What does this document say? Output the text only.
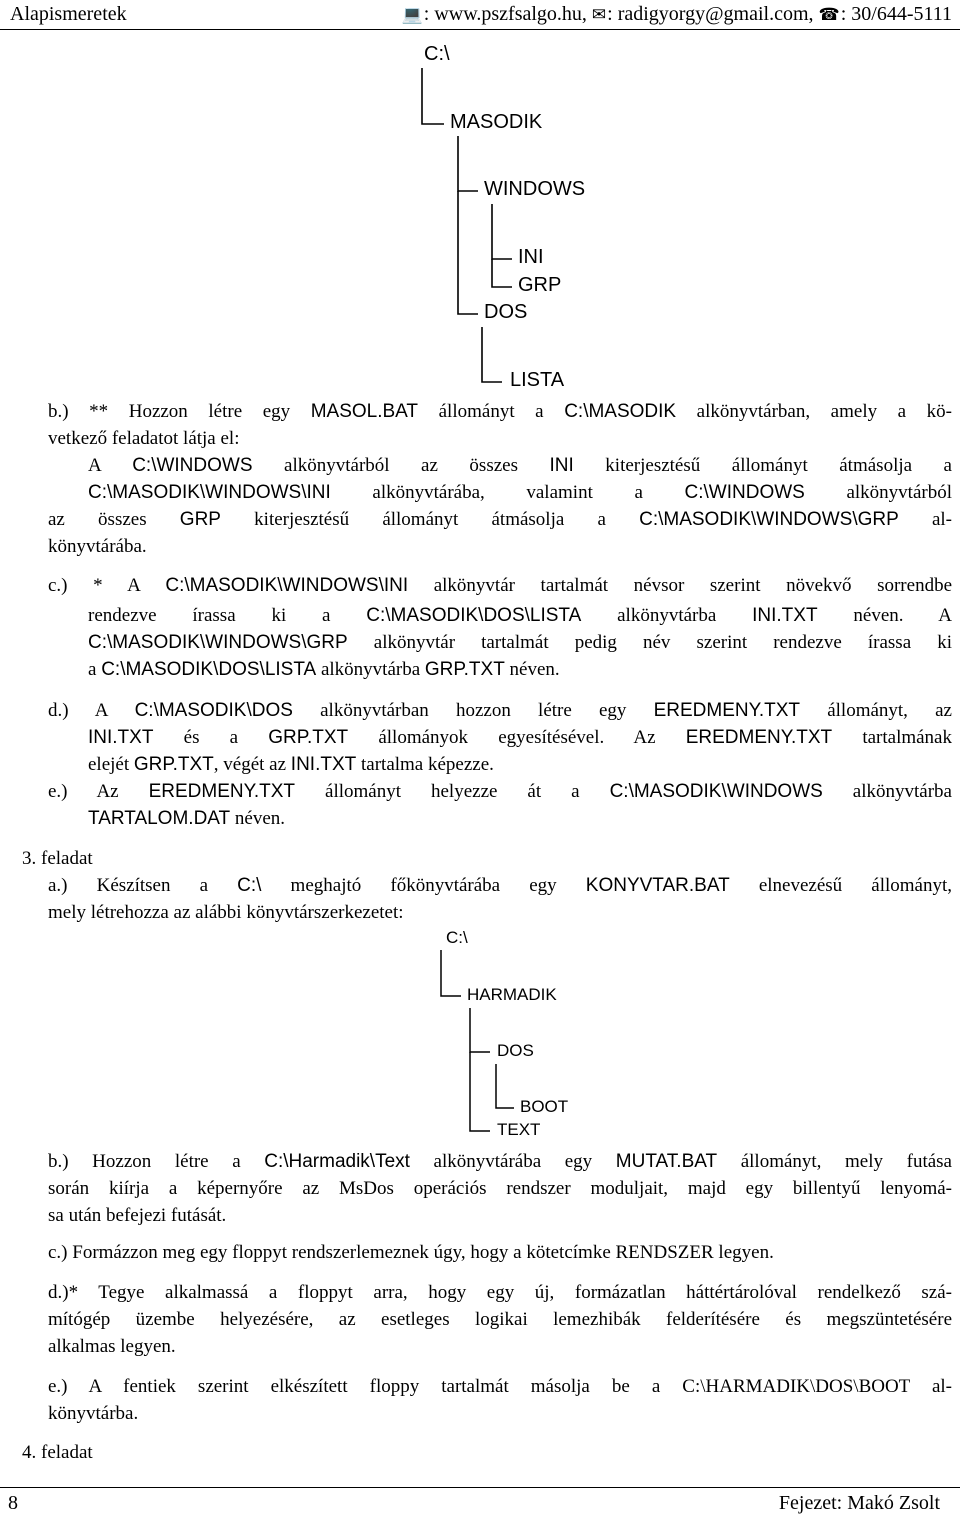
Alapismeretek	💻: www.pszfsalgo.hu, ✉: radigyorgy@gmail.com, ☎: 30/644-5111
C:\
MASODIK
WINDOWS
INI
GRP
DOS
LISTA
b.) ** Hozzon létre egy MASOL.BAT állományt a C:\MASODIK alkönyvtárban, amely a kö-
vetkező feladatot látja el:
A C:\WINDOWS alkönyvtárból az összes INI kiterjesztésű állományt átmásolja a
C:\MASODIK\WINDOWS\INI alkönyvtárába, valamint a C:\WINDOWS alkönyvtárból
az összes GRP kiterjesztésű állományt átmásolja a C:\MASODIK\WINDOWS\GRP al-
könyvtárába.
c.) * A C:\MASODIK\WINDOWS\INI alkönyvtár tartalmát névsor szerint növekvő sorrendbe
rendezve írassa ki a C:\MASODIK\DOS\LISTA alkönyvtárba INI.TXT néven. A
C:\MASODIK\WINDOWS\GRP alkönyvtár tartalmát pedig név szerint rendezve írassa ki
a C:\MASODIK\DOS\LISTA alkönyvtárba GRP.TXT néven.
d.) A C:\MASODIK\DOS alkönyvtárban hozzon létre egy EREDMENY.TXT állományt, az
INI.TXT és a GRP.TXT állományok egyesítésével. Az EREDMENY.TXT tartalmának
elejét GRP.TXT, végét az INI.TXT tartalma képezze.
e.) Az EREDMENY.TXT állományt helyezze át a C:\MASODIK\WINDOWS alkönyvtárba
TARTALOM.DAT néven.
3. feladat
a.) Készítsen a C:\ meghajtó főkönyvtárába egy KONYVTAR.BAT elnevezésű állományt,
mely létrehozza az alábbi könyvtárszerkezetet:
C:\
HARMADIK
DOS
BOOT
TEXT
b.) Hozzon létre a C:\Harmadik\Text alkönyvtárába egy MUTAT.BAT állományt, mely futása
során kiírja a képernyőre az MsDos operációs rendszer moduljait, majd egy billentyű lenyomá-
sa után befejezi futását.
c.) Formázzon meg egy floppyt rendszerlemeznek úgy, hogy a kötetcímke RENDSZER legyen.
d.)* Tegye alkalmassá a floppyt arra, hogy egy új, formázatlan háttértárolóval rendelkező szá-
mítógép üzembe helyezésére, az esetleges logikai lemezhibák felderítésére és megszüntetésére
alkalmas legyen.
e.) A fentiek szerint elkészített floppy tartalmát másolja be a C:\HARMADIK\DOS\BOOT al-
könyvtárba.
4. feladat
8	Fejezet: Makó Zsolt
